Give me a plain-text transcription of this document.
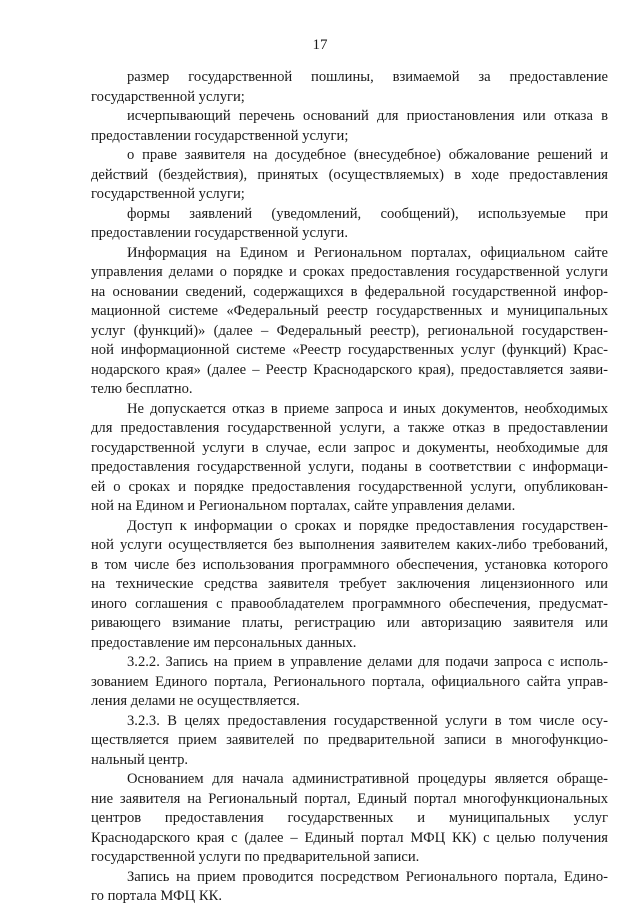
17
размер государственной пошлины, взимаемой за предоставление
государственной услуги;
исчерпывающий перечень оснований для приостановления или отказа в
предоставлении государственной услуги;
о праве заявителя на досудебное (внесудебное) обжалование решений и
действий (бездействия), принятых (осуществляемых) в ходе предоставления
государственной услуги;
формы заявлений (уведомлений, сообщений), используемые при
предоставлении государственной услуги.
Информация на Едином и Региональном порталах, официальном сайте
управления делами о порядке и сроках предоставления государственной услуги
на основании сведений, содержащихся в федеральной государственной инфор-
мационной системе «Федеральный реестр государственных и муниципальных
услуг (функций)» (далее – Федеральный реестр), региональной государствен-
ной информационной системе «Реестр государственных услуг (функций) Крас-
нодарского края» (далее – Реестр Краснодарского края), предоставляется заяви-
телю бесплатно.
Не допускается отказ в приеме запроса и иных документов, необходимых
для предоставления государственной услуги, а также отказ в предоставлении
государственной услуги в случае, если запрос и документы, необходимые для
предоставления государственной услуги, поданы в соответствии с информаци-
ей о сроках и порядке предоставления государственной услуги, опубликован-
ной на Едином и Региональном порталах, сайте управления делами.
Доступ к информации о сроках и порядке предоставления государствен-
ной услуги осуществляется без выполнения заявителем каких-либо требований,
в том числе без использования программного обеспечения, установка которого
на технические средства заявителя требует заключения лицензионного или
иного соглашения с правообладателем программного обеспечения, предусмат-
ривающего взимание платы, регистрацию или авторизацию заявителя или
предоставление им персональных данных.
3.2.2. Запись на прием в управление делами для подачи запроса с исполь-
зованием Единого портала, Регионального портала, официального сайта управ-
ления делами не осуществляется.
3.2.3. В целях предоставления государственной услуги в том числе осу-
ществляется прием заявителей по предварительной записи в многофункцио-
нальный центр.
Основанием для начала административной процедуры является обраще-
ние заявителя на Региональный портал, Единый портал многофункциональных
центров предоставления государственных и муниципальных услуг
Краснодарского края с (далее – Единый портал МФЦ КК) с целью получения
государственной услуги по предварительной записи.
Запись на прием проводится посредством Регионального портала, Едино-
го портала МФЦ КК.
